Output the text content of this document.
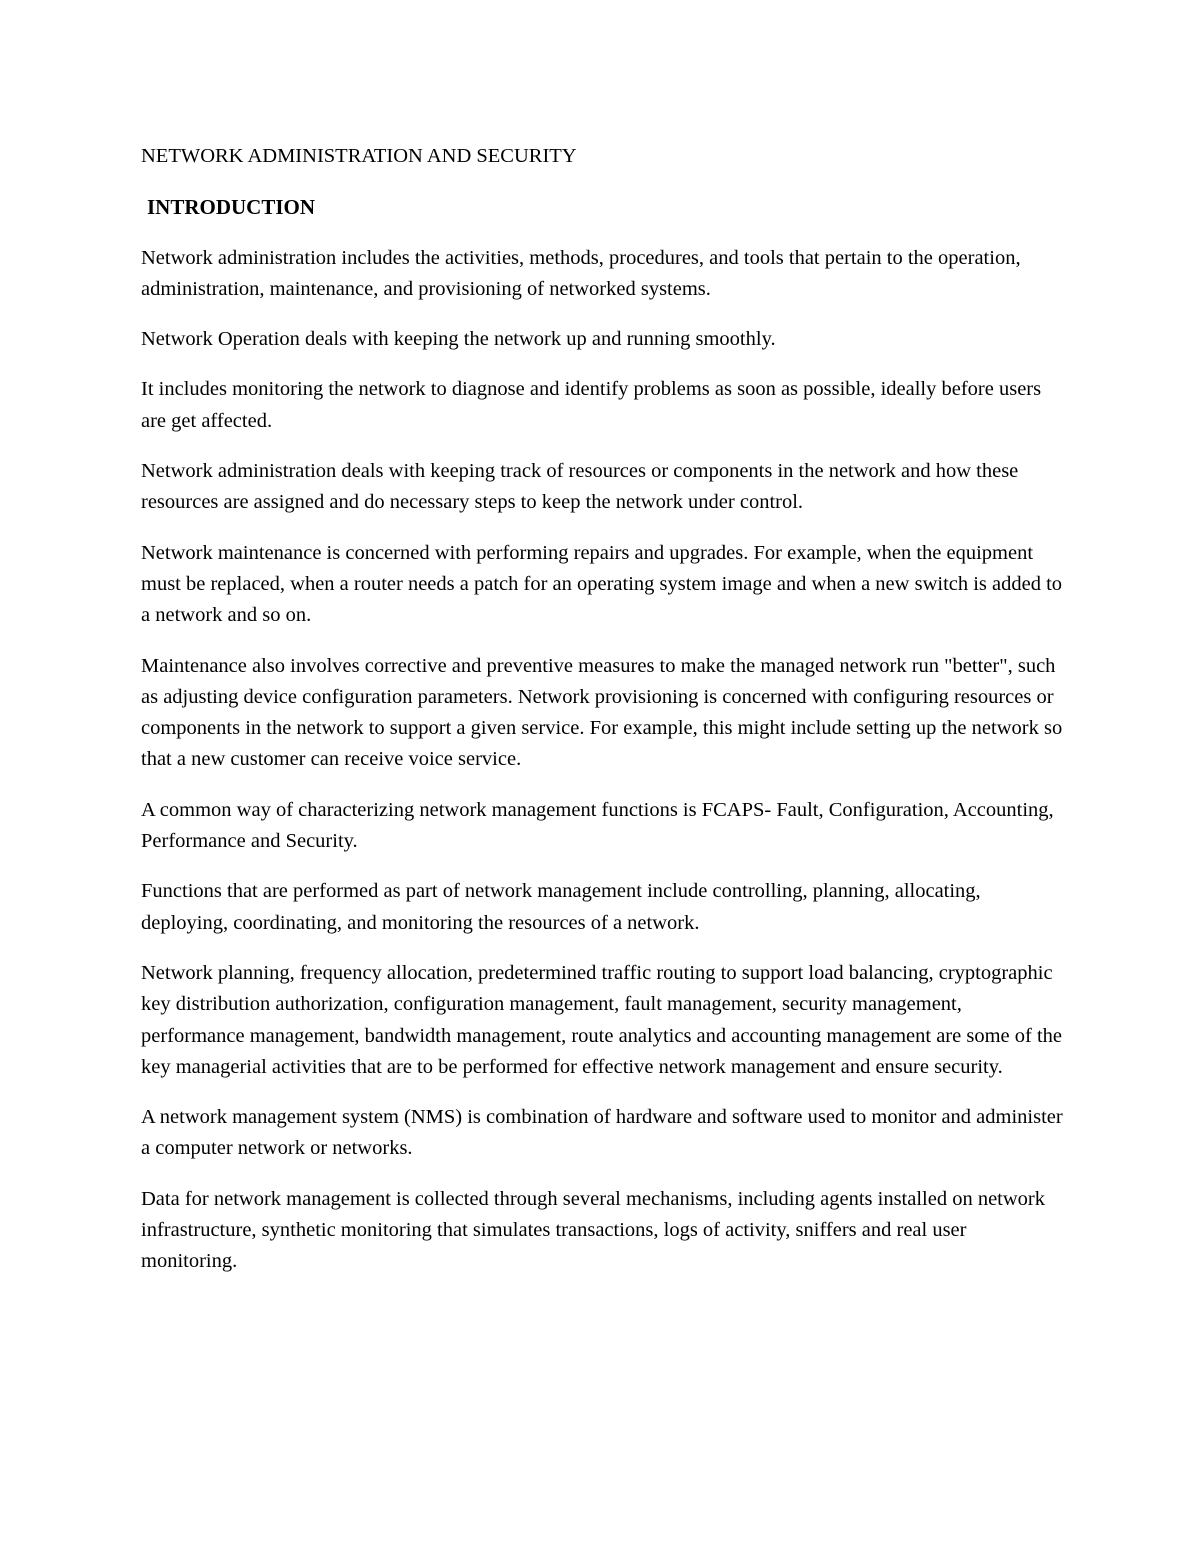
NETWORK ADMINISTRATION AND SECURITY

INTRODUCTION

Network administration includes the activities, methods, procedures, and tools that pertain to the operation, administration, maintenance, and provisioning of networked systems.

Network Operation deals with keeping the network up and running smoothly.

It includes monitoring the network to diagnose and identify problems as soon as possible, ideally before users are get affected.

Network administration deals with keeping track of resources or components in the network and how these resources are assigned and do necessary steps to keep the network under control.

Network maintenance is concerned with performing repairs and upgrades. For example, when the equipment must be replaced, when a router needs a patch for an operating system image and when a new switch is added to a network and so on.

Maintenance also involves corrective and preventive measures to make the managed network run "better", such as adjusting device configuration parameters. Network provisioning is concerned with configuring resources or components in the network to support a given service. For example, this might include setting up the network so that a new customer can receive voice service.

A common way of characterizing network management functions is FCAPS- Fault, Configuration, Accounting, Performance and Security.

Functions that are performed as part of network management include controlling, planning, allocating, deploying, coordinating, and monitoring the resources of a network.

Network planning, frequency allocation, predetermined traffic routing to support load balancing, cryptographic key distribution authorization, configuration management, fault management, security management, performance management, bandwidth management, route analytics and accounting management are some of the key managerial activities that are to be performed for effective network management and ensure security.

A network management system (NMS) is combination of hardware and software used to monitor and administer a computer network or networks.

Data for network management is collected through several mechanisms, including agents installed on network infrastructure, synthetic monitoring that simulates transactions, logs of activity, sniffers and real user monitoring.
